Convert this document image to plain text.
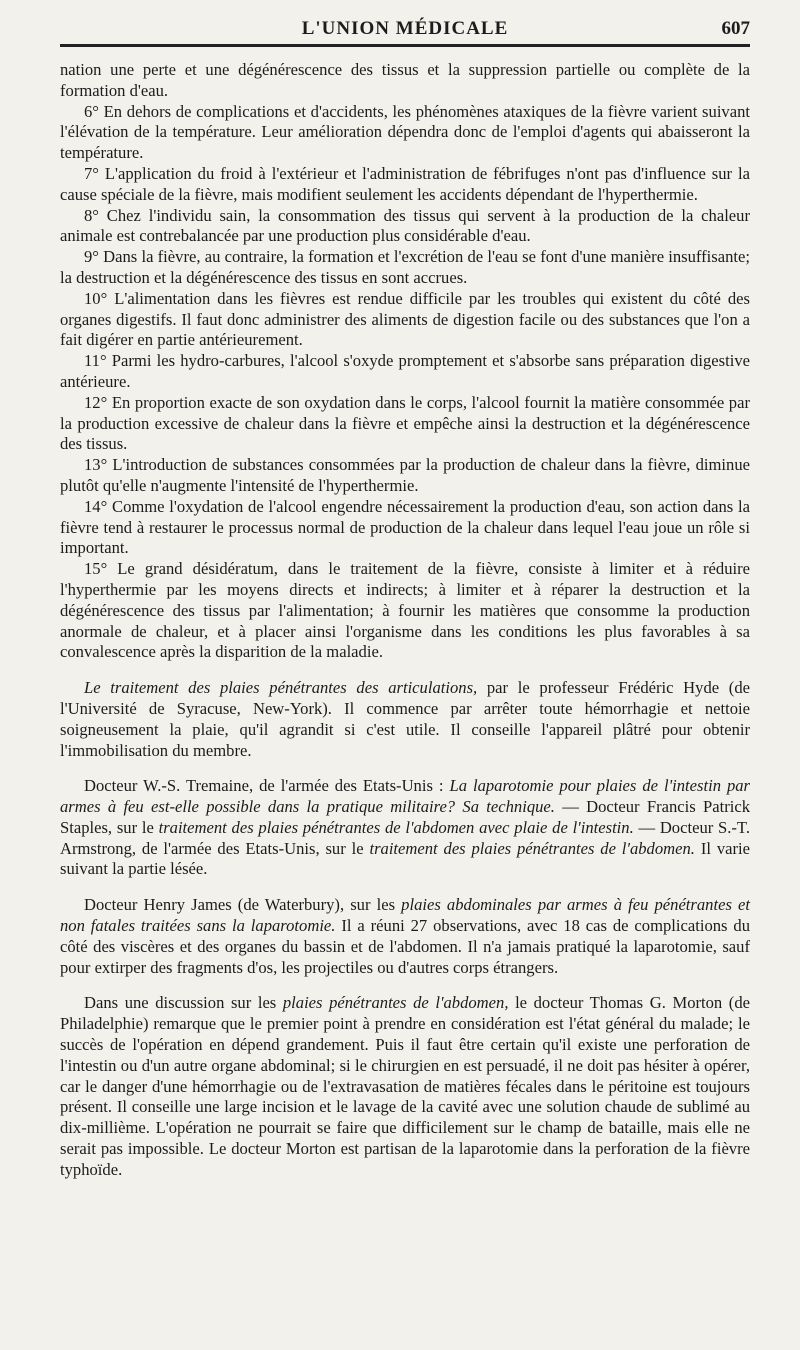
L'UNION MÉDICALE	607

nation une perte et une dégénérescence des tissus et la suppression partielle ou complète de la formation d'eau.

6° En dehors de complications et d'accidents, les phénomènes ataxiques de la fièvre varient suivant l'élévation de la température. Leur amélioration dépendra donc de l'emploi d'agents qui abaisseront la température.

7° L'application du froid à l'extérieur et l'administration de fébrifuges n'ont pas d'influence sur la cause spéciale de la fièvre, mais modifient seulement les accidents dépendant de l'hyperthermie.

8° Chez l'individu sain, la consommation des tissus qui servent à la production de la chaleur animale est contrebalancée par une production plus considérable d'eau.

9° Dans la fièvre, au contraire, la formation et l'excrétion de l'eau se font d'une manière insuffisante; la destruction et la dégénérescence des tissus en sont accrues.

10° L'alimentation dans les fièvres est rendue difficile par les troubles qui existent du côté des organes digestifs. Il faut donc administrer des aliments de digestion facile ou des substances que l'on a fait digérer en partie antérieurement.

11° Parmi les hydro-carbures, l'alcool s'oxyde promptement et s'absorbe sans préparation digestive antérieure.

12° En proportion exacte de son oxydation dans le corps, l'alcool fournit la matière consommée par la production excessive de chaleur dans la fièvre et empêche ainsi la destruction et la dégénérescence des tissus.

13° L'introduction de substances consommées par la production de chaleur dans la fièvre, diminue plutôt qu'elle n'augmente l'intensité de l'hyperthermie.

14° Comme l'oxydation de l'alcool engendre nécessairement la production d'eau, son action dans la fièvre tend à restaurer le processus normal de production de la chaleur dans lequel l'eau joue un rôle si important.

15° Le grand désidératum, dans le traitement de la fièvre, consiste à limiter et à réduire l'hyperthermie par les moyens directs et indirects; à limiter et à réparer la destruction et la dégénérescence des tissus par l'alimentation; à fournir les matières que consomme la production anormale de chaleur, et à placer ainsi l'organisme dans les conditions les plus favorables à sa convalescence après la disparition de la maladie.

Le traitement des plaies pénétrantes des articulations, par le professeur Frédéric Hyde (de l'Université de Syracuse, New-York). Il commence par arrêter toute hémorrhagie et nettoie soigneusement la plaie, qu'il agrandit si c'est utile. Il conseille l'appareil plâtré pour obtenir l'immobilisation du membre.

Docteur W.-S. Tremaine, de l'armée des Etats-Unis : La laparotomie pour plaies de l'intestin par armes à feu est-elle possible dans la pratique militaire? Sa technique. — Docteur Francis Patrick Staples, sur le traitement des plaies pénétrantes de l'abdomen avec plaie de l'intestin. — Docteur S.-T. Armstrong, de l'armée des Etats-Unis, sur le traitement des plaies pénétrantes de l'abdomen. Il varie suivant la partie lésée.

Docteur Henry James (de Waterbury), sur les plaies abdominales par armes à feu pénétrantes et non fatales traitées sans la laparotomie. Il a réuni 27 observations, avec 18 cas de complications du côté des viscères et des organes du bassin et de l'abdomen. Il n'a jamais pratiqué la laparotomie, sauf pour extirper des fragments d'os, les projectiles ou d'autres corps étrangers.

Dans une discussion sur les plaies pénétrantes de l'abdomen, le docteur Thomas G. Morton (de Philadelphie) remarque que le premier point à prendre en considération est l'état général du malade; le succès de l'opération en dépend grandement. Puis il faut être certain qu'il existe une perforation de l'intestin ou d'un autre organe abdominal; si le chirurgien en est persuadé, il ne doit pas hésiter à opérer, car le danger d'une hémorrhagie ou de l'extravasation de matières fécales dans le péritoine est toujours présent. Il conseille une large incision et le lavage de la cavité avec une solution chaude de sublimé au dix-millième. L'opération ne pourrait se faire que difficilement sur le champ de bataille, mais elle ne serait pas impossible. Le docteur Morton est partisan de la laparotomie dans la perforation de la fièvre typhoïde.
